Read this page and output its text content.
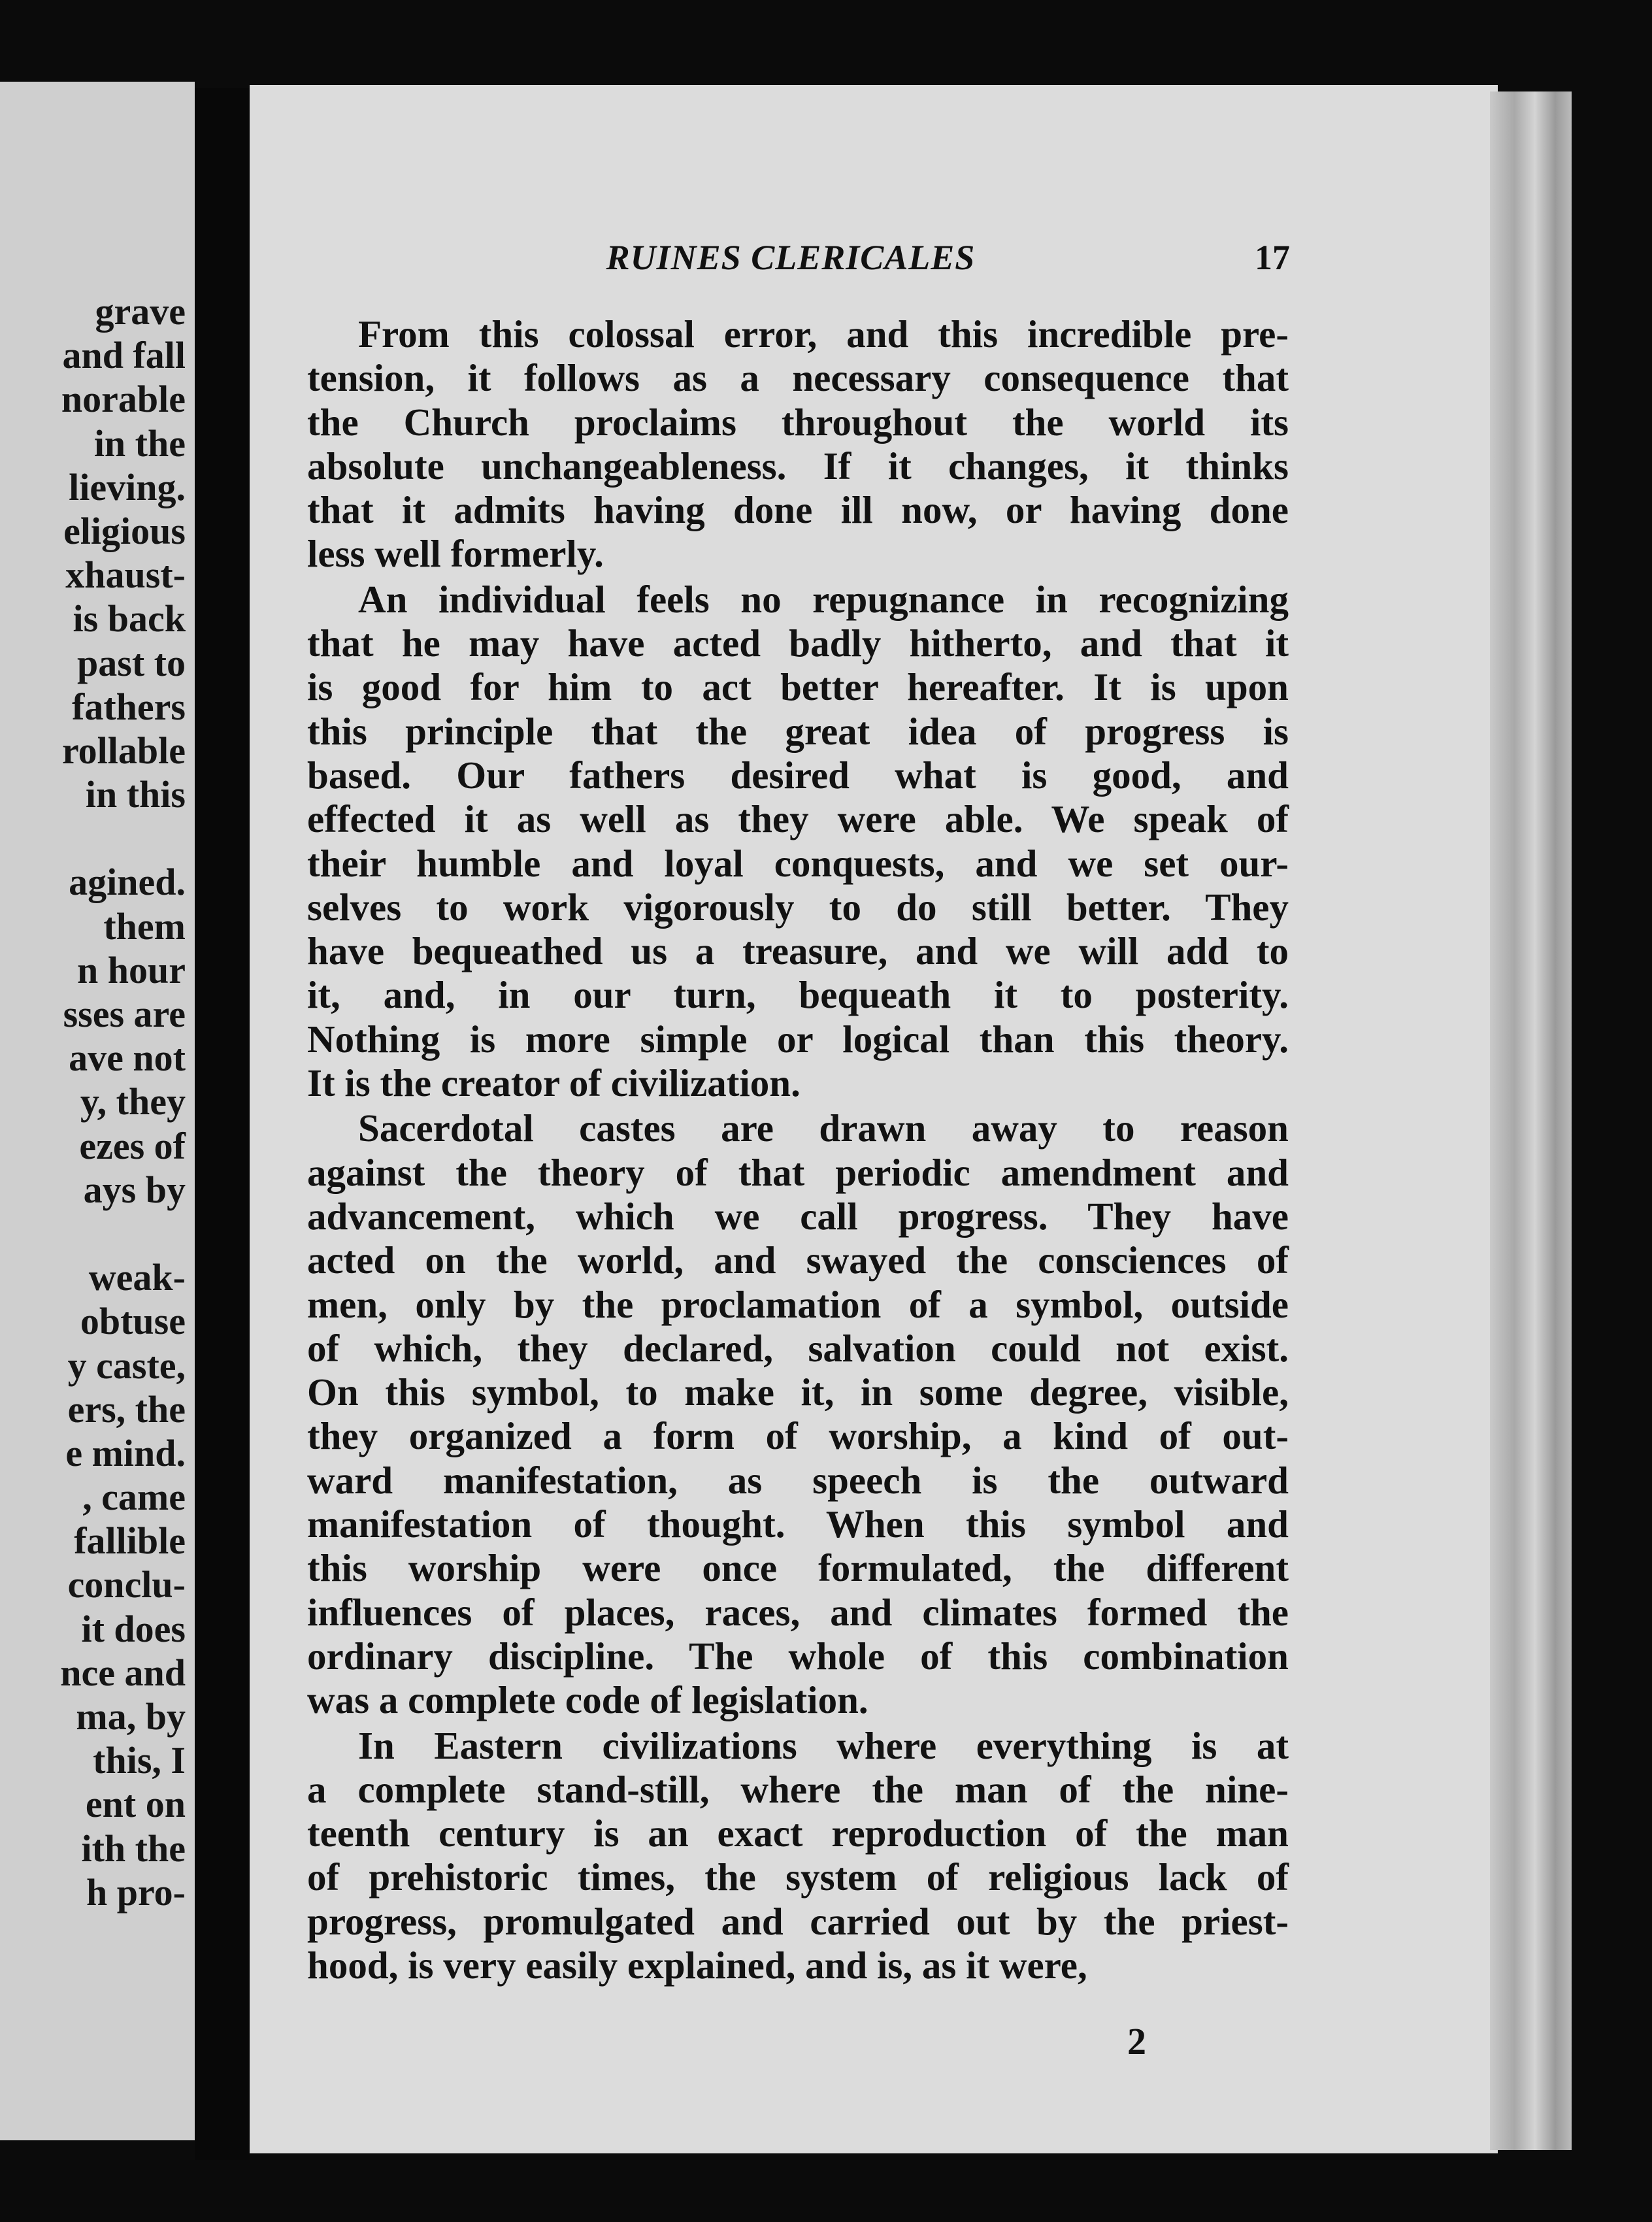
grave
and fall
norable
in the
lieving.
eligious
xhaust-
is back
past to
fathers
rollable
in this
agined.
them
n hour
sses are
ave not
y, they
ezes of
ays by
weak-
obtuse
y caste,
ers, the
e mind.
, came
fallible
conclu-
it does
nce and
ma, by
this, I
ent on
ith the
h pro-
RUINES CLERICALES	17
From this colossal error, and this incredible pre-
tension, it follows as a necessary consequence that
the Church proclaims throughout the world its
absolute unchangeableness. If it changes, it thinks
that it admits having done ill now, or having done
less well formerly.
An individual feels no repugnance in recognizing
that he may have acted badly hitherto, and that it
is good for him to act better hereafter. It is upon
this principle that the great idea of progress is
based. Our fathers desired what is good, and
effected it as well as they were able. We speak of
their humble and loyal conquests, and we set our-
selves to work vigorously to do still better. They
have bequeathed us a treasure, and we will add to
it, and, in our turn, bequeath it to posterity.
Nothing is more simple or logical than this theory.
It is the creator of civilization.
Sacerdotal castes are drawn away to reason
against the theory of that periodic amendment and
advancement, which we call progress. They have
acted on the world, and swayed the consciences of
men, only by the proclamation of a symbol, outside
of which, they declared, salvation could not exist.
On this symbol, to make it, in some degree, visible,
they organized a form of worship, a kind of out-
ward manifestation, as speech is the outward
manifestation of thought. When this symbol and
this worship were once formulated, the different
influences of places, races, and climates formed the
ordinary discipline. The whole of this combination
was a complete code of legislation.
In Eastern civilizations where everything is at
a complete stand-still, where the man of the nine-
teenth century is an exact reproduction of the man
of prehistoric times, the system of religious lack of
progress, promulgated and carried out by the priest-
hood, is very easily explained, and is, as it were,
2
